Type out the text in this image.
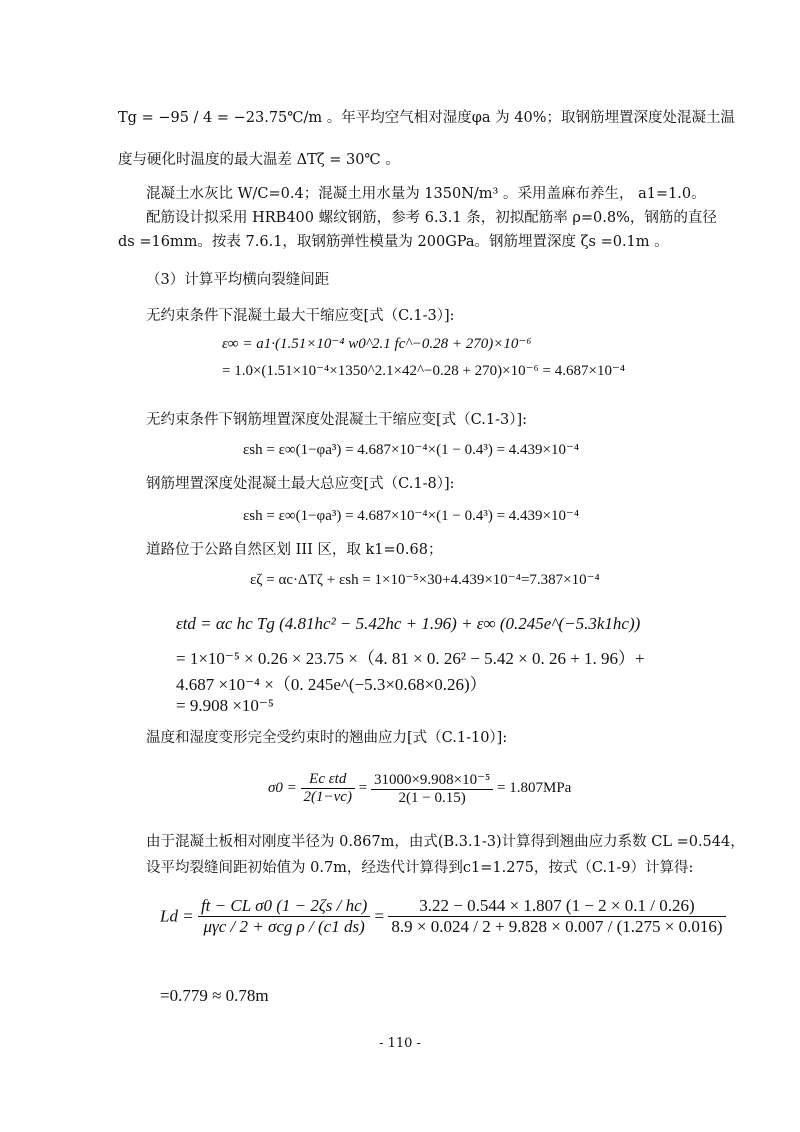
Tg = −95 / 4 = −23.75℃/m 。年平均空气相对湿度φa 为 40%；取钢筋埋置深度处混凝土温
度与硬化时温度的最大温差 ΔTζ = 30℃ 。
混凝土水灰比 W/C=0.4；混凝土用水量为 1350N/m³ 。采用盖麻布养生， a1=1.0。
配筋设计拟采用 HRB400 螺纹钢筋，参考 6.3.1 条，初拟配筋率 ρ=0.8%，钢筋的直径
ds =16mm。按表 7.6.1，取钢筋弹性模量为 200GPa。钢筋埋置深度 ζs =0.1m 。
（3）计算平均横向裂缝间距
无约束条件下混凝土最大干缩应变[式（C.1-3）]:
ε∞ = a1·(1.51×10⁻⁴ w0^2.1 fc^−0.28 + 270)×10⁻⁶
= 1.0×(1.51×10⁻⁴×1350^2.1×42^−0.28 + 270)×10⁻⁶ = 4.687×10⁻⁴
无约束条件下钢筋埋置深度处混凝土干缩应变[式（C.1-3）]:
εsh = ε∞(1−φa³) = 4.687×10⁻⁴×(1 − 0.4³) = 4.439×10⁻⁴
钢筋埋置深度处混凝土最大总应变[式（C.1-8）]:
εsh = ε∞(1−φa³) = 4.687×10⁻⁴×(1 − 0.4³) = 4.439×10⁻⁴
道路位于公路自然区划 III 区，取 k1=0.68；
εζ = αc·ΔTζ + εsh = 1×10⁻⁵×30+4.439×10⁻⁴=7.387×10⁻⁴
εtd = αc hc Tg (4.81hc² − 5.42hc + 1.96) + ε∞ (0.245e^(−5.3k1hc))
= 1×10⁻⁵ × 0.26 × 23.75 ×（4. 81 × 0. 26² − 5.42 × 0. 26 + 1. 96）+
4.687 ×10⁻⁴ ×（0. 245e^(−5.3×0.68×0.26)）
= 9.908 ×10⁻⁵
温度和湿度变形完全受约束时的翘曲应力[式（C.1-10）]:
$\sigma 0 = \frac{\text{Ec εtd}}{2(1-\nu c)} = \frac{\text{31000×9.908×10⁻⁵}}{2(1 - 0.15)} = 1.807MPa$
由于混凝土板相对刚度半径为 0.867m，由式(B.3.1-3)计算得到翘曲应力系数 CL =0.544，
设平均裂缝间距初始值为 0.7m，经迭代计算得到c1=1.275，按式（C.1-9）计算得:
$Ld = \frac{\text{ft − CL σ0 (1 − 2ζs / hc)}}{\text{μγc / 2 + σcg ρ / (c1 ds)}} = \frac{3.22 - 0.544 \times 1.807 (1 - 2 \times 0.1 / 0.26)}{8.9 \times 0.024 / 2 + 9.828 \times 0.007 / (1.275 \times 0.016)}$
=0.779 ≈ 0.78m
- 110 -
